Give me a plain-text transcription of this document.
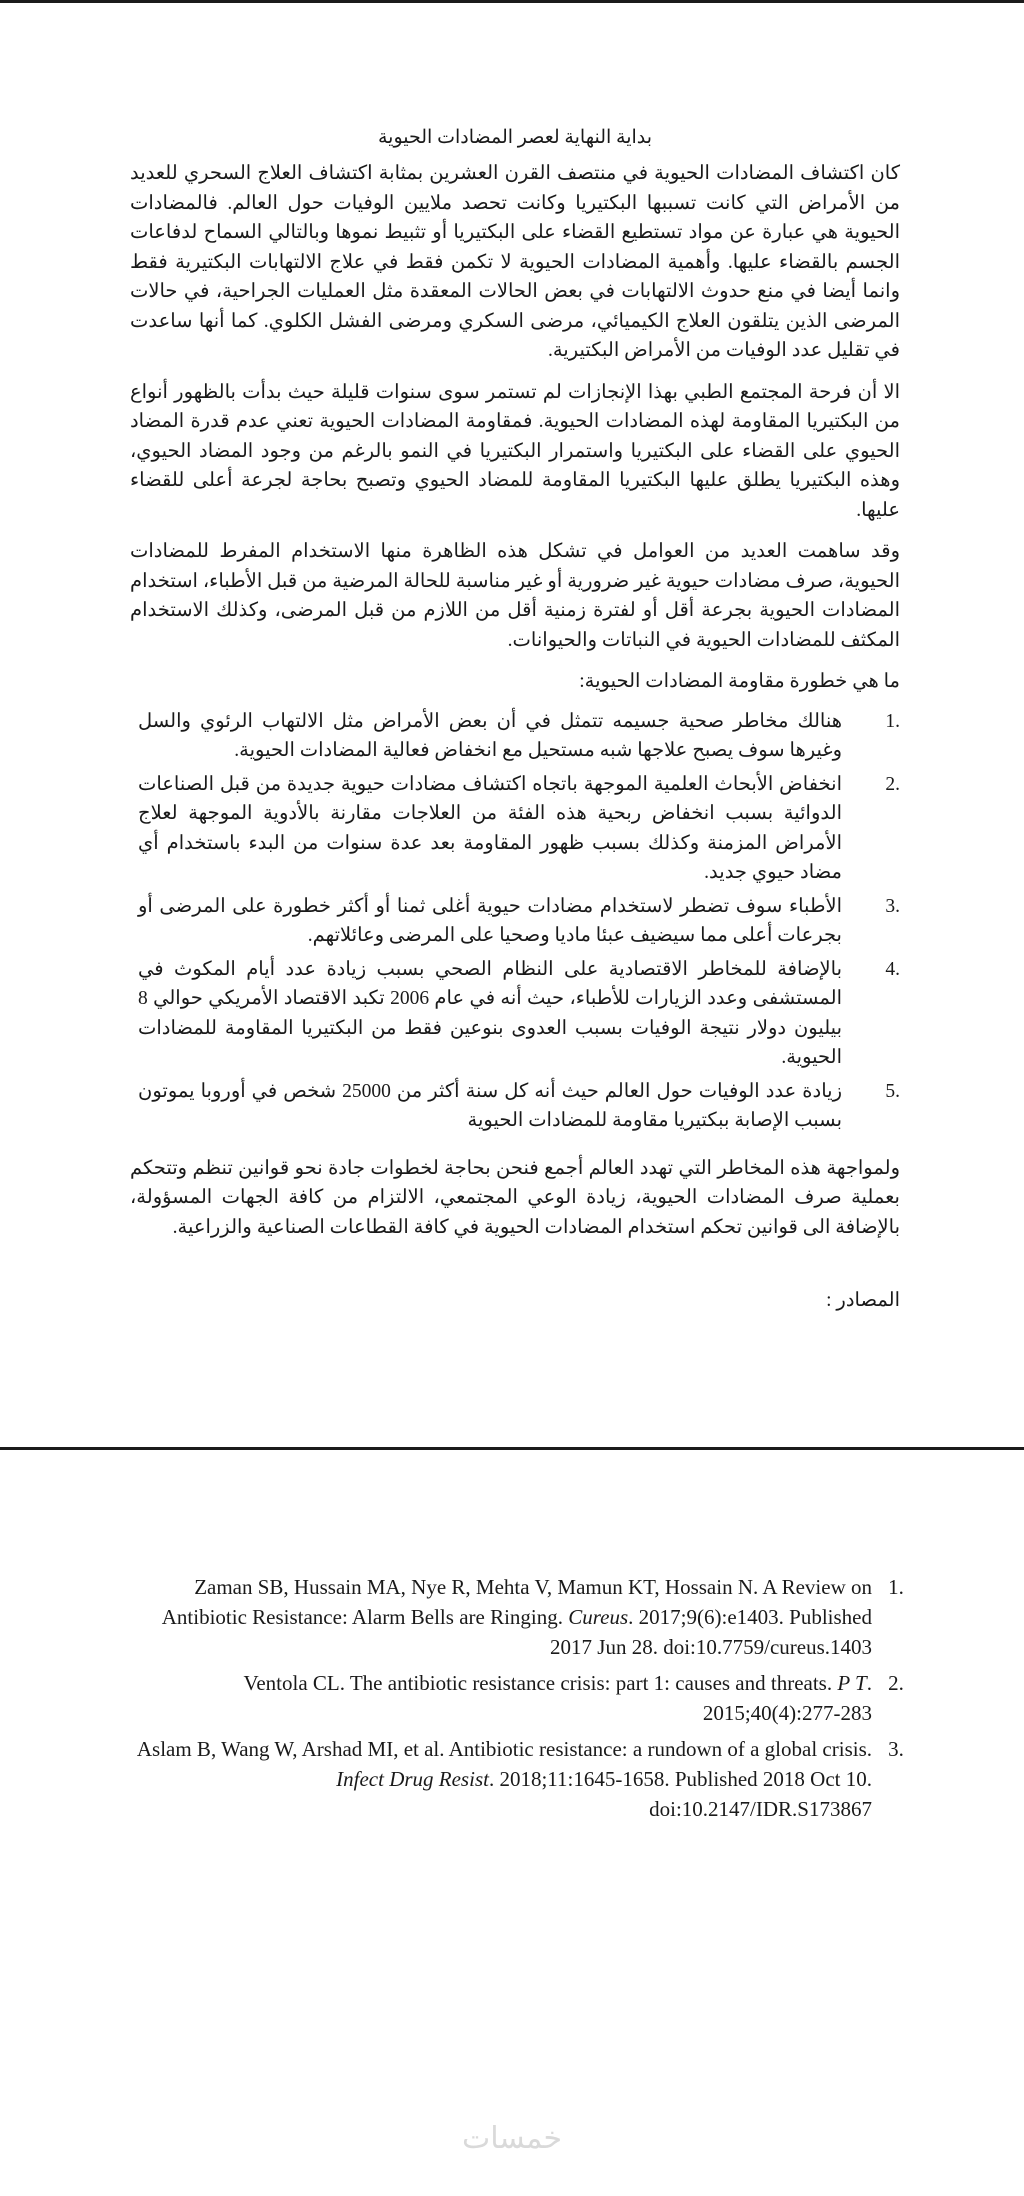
بداية النهاية لعصر المضادات الحيوية

كان اكتشاف المضادات الحيوية في منتصف القرن العشرين بمثابة اكتشاف العلاج السحري للعديد من الأمراض التي كانت تسببها البكتيريا وكانت تحصد ملايين الوفيات حول العالم. فالمضادات الحيوية هي عبارة عن مواد تستطيع القضاء على البكتيريا أو تثبيط نموها وبالتالي السماح لدفاعات الجسم بالقضاء عليها. وأهمية المضادات الحيوية لا تكمن فقط في علاج الالتهابات البكتيرية فقط وانما أيضا في منع حدوث الالتهابات في بعض الحالات المعقدة مثل العمليات الجراحية، في حالات المرضى الذين يتلقون العلاج الكيميائي، مرضى السكري ومرضى الفشل الكلوي. كما أنها ساعدت في تقليل عدد الوفيات من الأمراض البكتيرية.

الا أن فرحة المجتمع الطبي بهذا الإنجازات لم تستمر سوى سنوات قليلة حيث بدأت بالظهور أنواع من البكتيريا المقاومة لهذه المضادات الحيوية. فمقاومة المضادات الحيوية تعني عدم قدرة المضاد الحيوي على القضاء على البكتيريا واستمرار البكتيريا في النمو بالرغم من وجود المضاد الحيوي، وهذه البكتيريا يطلق عليها البكتيريا المقاومة للمضاد الحيوي وتصبح بحاجة لجرعة أعلى للقضاء عليها.

وقد ساهمت العديد من العوامل في تشكل هذه الظاهرة منها الاستخدام المفرط للمضادات الحيوية، صرف مضادات حيوية غير ضرورية أو غير مناسبة للحالة المرضية من قبل الأطباء، استخدام المضادات الحيوية بجرعة أقل أو لفترة زمنية أقل من اللازم من قبل المرضى، وكذلك الاستخدام المكثف للمضادات الحيوية في النباتات والحيوانات.

ما هي خطورة مقاومة المضادات الحيوية:
.1
هنالك مخاطر صحية جسيمه تتمثل في أن بعض الأمراض مثل الالتهاب الرئوي والسل وغيرها سوف يصبح علاجها شبه مستحيل مع انخفاض فعالية المضادات الحيوية.
.2
انخفاض الأبحاث العلمية الموجهة باتجاه اكتشاف مضادات حيوية جديدة من قبل الصناعات الدوائية بسبب انخفاض ربحية هذه الفئة من العلاجات مقارنة بالأدوية الموجهة لعلاج الأمراض المزمنة وكذلك بسبب ظهور المقاومة بعد عدة سنوات من البدء باستخدام أي مضاد حيوي جديد.
.3
الأطباء سوف تضطر لاستخدام مضادات حيوية أغلى ثمنا أو أكثر خطورة على المرضى أو بجرعات أعلى مما سيضيف عبئا ماديا وصحيا على المرضى وعائلاتهم.
.4
بالإضافة للمخاطر الاقتصادية على النظام الصحي بسبب زيادة عدد أيام المكوث في المستشفى وعدد الزيارات للأطباء، حيث أنه في عام 2006 تكبد الاقتصاد الأمريكي حوالي 8 بيليون دولار نتيجة الوفيات بسبب العدوى بنوعين فقط من البكتيريا المقاومة للمضادات الحيوية.
.5
زيادة عدد الوفيات حول العالم حيث أنه كل سنة أكثر من 25000 شخص في أوروبا يموتون بسبب الإصابة ببكتيريا مقاومة للمضادات الحيوية

ولمواجهة هذه المخاطر التي تهدد العالم أجمع فنحن بحاجة لخطوات جادة نحو قوانين تنظم وتتحكم بعملية صرف المضادات الحيوية، زيادة الوعي المجتمعي، الالتزام من كافة الجهات المسؤولة، بالإضافة الى قوانين تحكم استخدام المضادات الحيوية في كافة القطاعات الصناعية والزراعية.

المصادر :
.1
Zaman SB, Hussain MA, Nye R, Mehta V, Mamun KT, Hossain N. A Review on Antibiotic Resistance: Alarm Bells are Ringing. Cureus. 2017;9(6):e1403. Published 2017 Jun 28. doi:10.7759/cureus.1403
.2
Ventola CL. The antibiotic resistance crisis: part 1: causes and threats. P T. 2015;40(4):277-283
.3
Aslam B, Wang W, Arshad MI, et al. Antibiotic resistance: a rundown of a global crisis. Infect Drug Resist. 2018;11:1645-1658. Published 2018 Oct 10. doi:10.2147/IDR.S173867
خمسات
